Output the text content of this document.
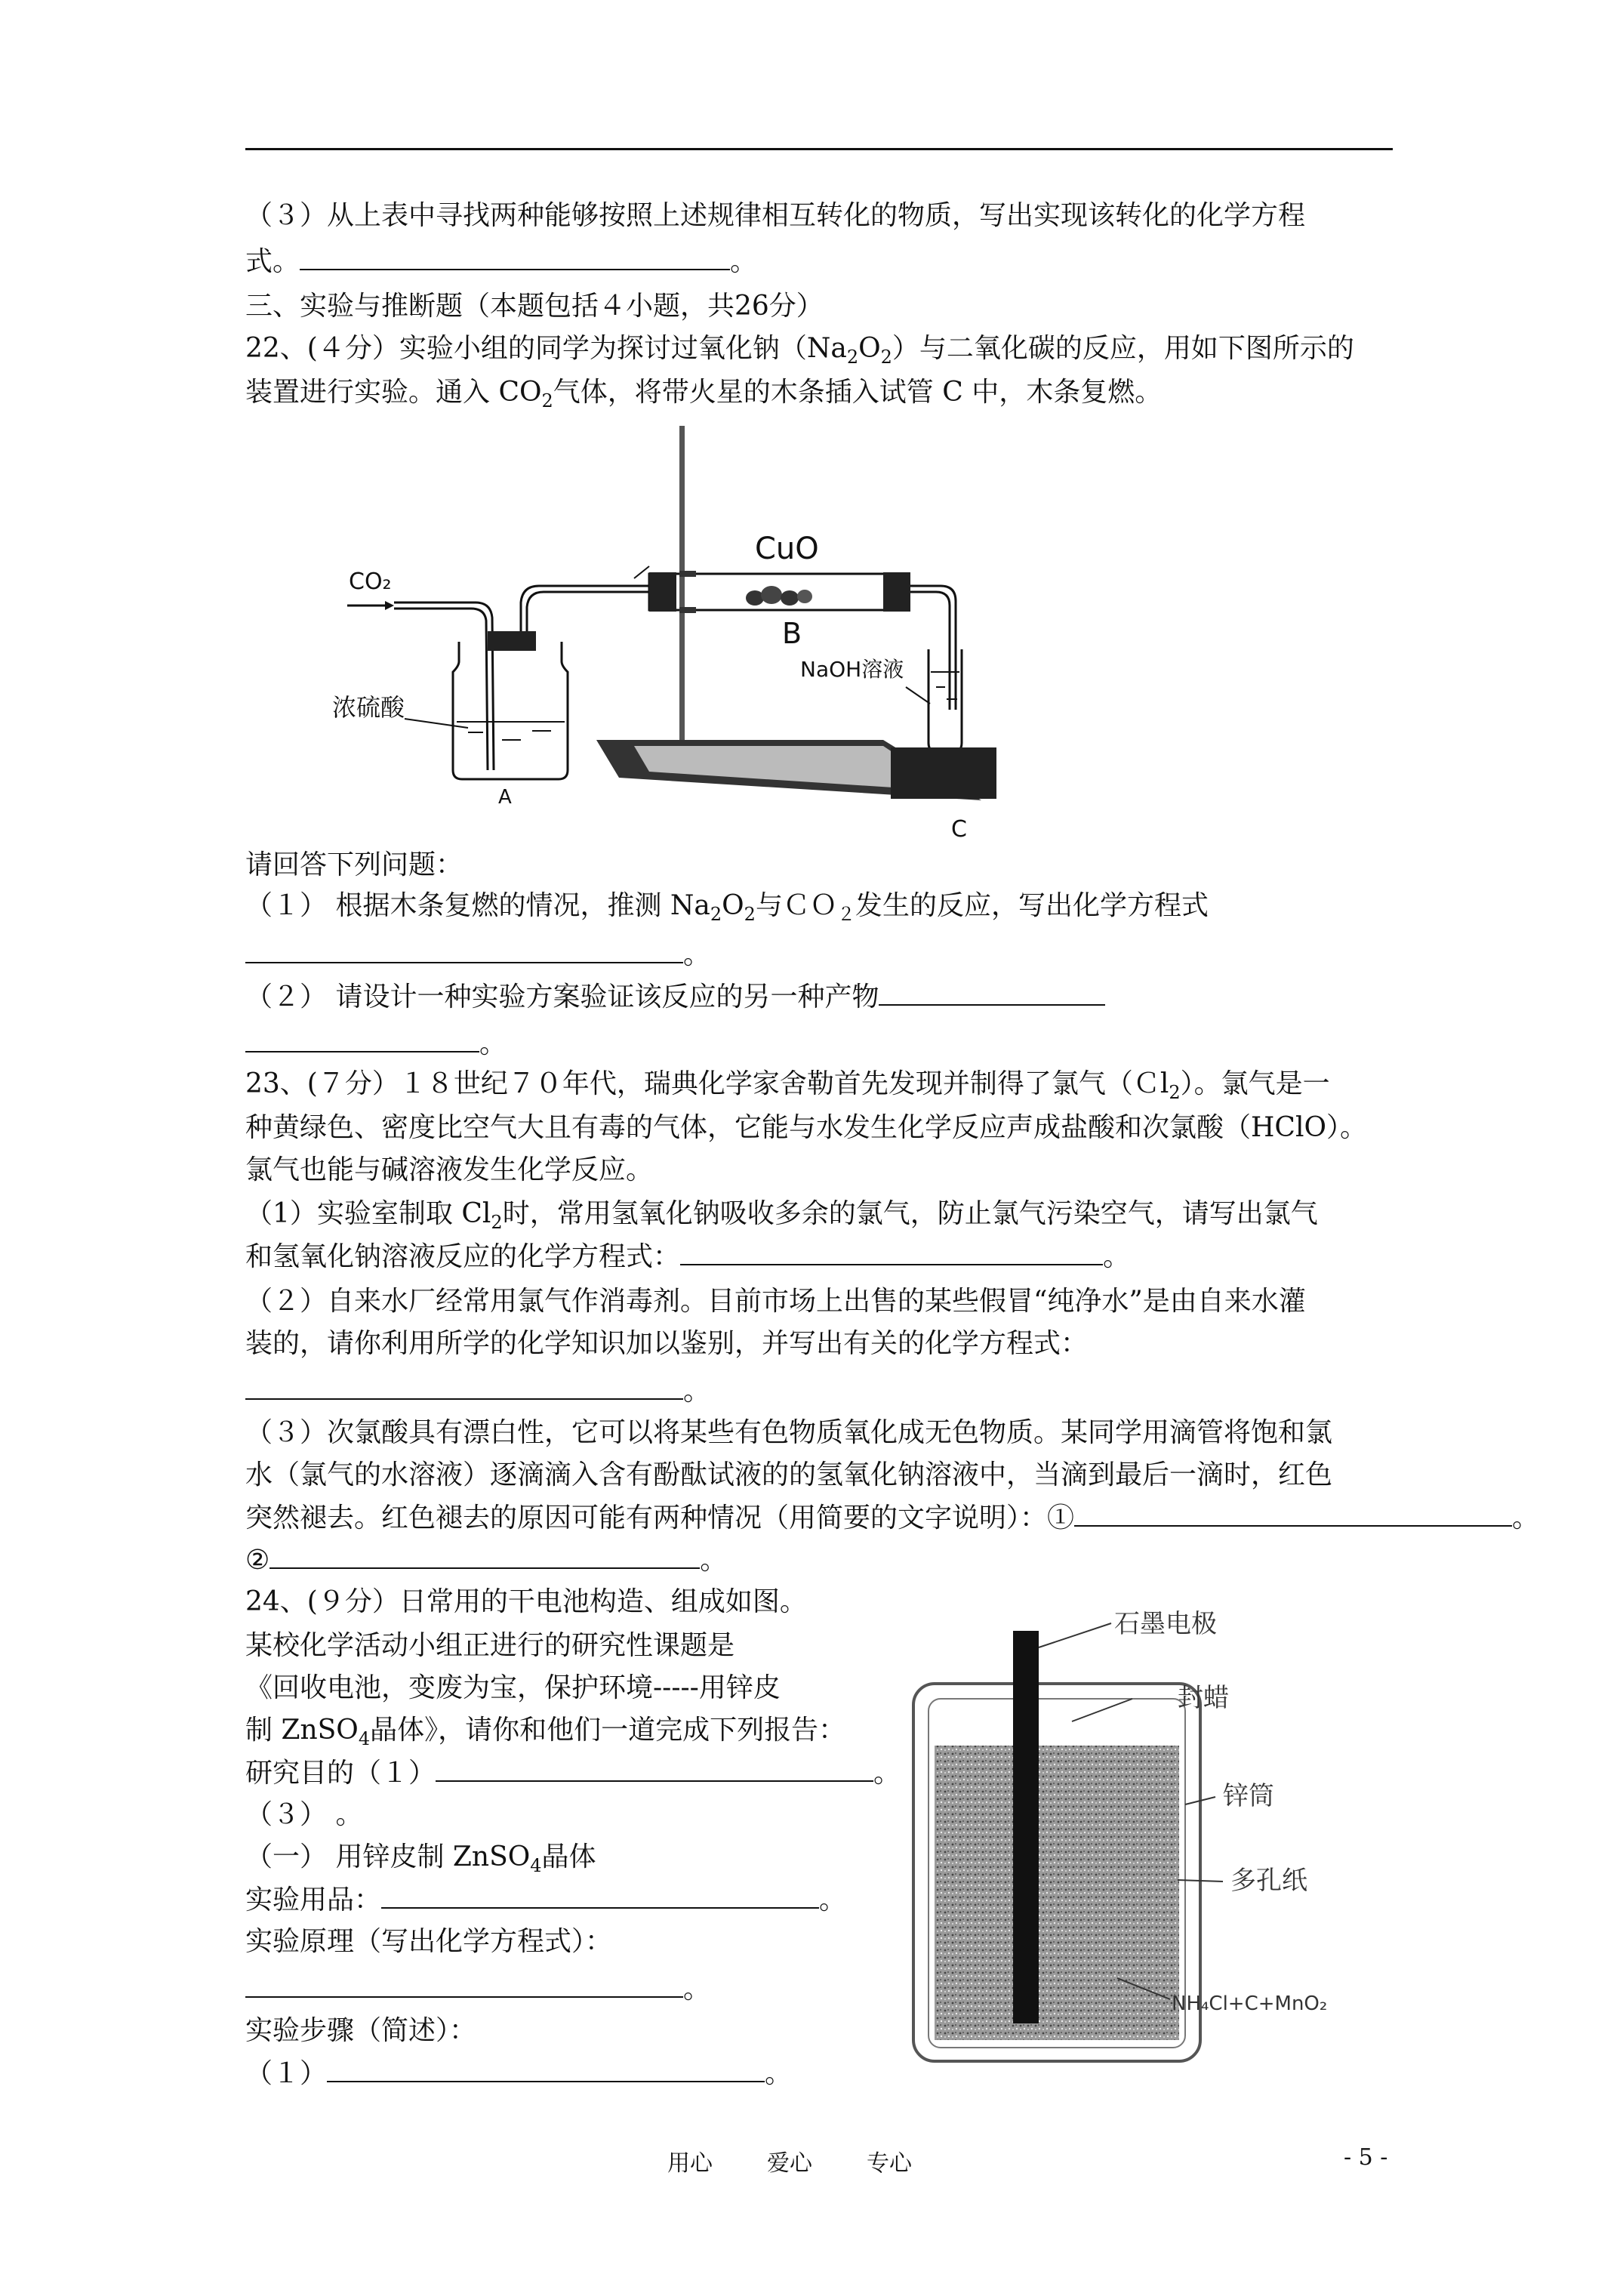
（３）从上表中寻找两种能够按照上述规律相互转化的物质，写出实现该转化的化学方程
式。	。
三、实验与推断题（本题包括４小题，共26分）
22、(４分）实验小组的同学为探讨过氧化钠$(Na_2O_2)$与二氧化碳的反应，用如下图所示的
装置进行实验。通入 $CO_2$气体，将带火星的木条插入试管 C 中，木条复燃。
CO₂
CuO
B
NaOH溶液
浓硫酸
A
C
请回答下列问题：
（１） 根据木条复燃的情况，推测 $Na_2O_2$与ＣＯ$_2$发生的反应，写出化学方程式
。
（２） 请设计一种实验方案验证该反应的另一种产物
。
23、(７分）１８世纪７０年代，瑞典化学家舍勒首先发现并制得了氯气（Ｃl$_2$）。氯气是一
种黄绿色、密度比空气大且有毒的气体，它能与水发生化学反应声成盐酸和次氯酸（HClO）。
氯气也能与碱溶液发生化学反应。
（1）实验室制取 $Cl_2$时，常用氢氧化钠吸收多余的氯气，防止氯气污染空气，请写出氯气
和氢氧化钠溶液反应的化学方程式：	。
（２）自来水厂经常用氯气作消毒剂。目前市场上出售的某些假冒“纯净水”是由自来水灌
装的，请你利用所学的化学知识加以鉴别，并写出有关的化学方程式：
。
（３）次氯酸具有漂白性，它可以将某些有色物质氧化成无色物质。某同学用滴管将饱和氯
水（氯气的水溶液）逐滴滴入含有酚酞试液的的氢氧化钠溶液中，当滴到最后一滴时，红色
突然褪去。红色褪去的原因可能有两种情况（用简要的文字说明）：①	。
②	。
24、(９分）日常用的干电池构造、组成如图。
某校化学活动小组正进行的研究性课题是
《回收电池，变废为宝，保护环境-----用锌皮
制 ZnSO$_4$晶体》，请你和他们一道完成下列报告：
研究目的（１）	。
（３） 。
（一） 用锌皮制 ZnSO$_4$晶体
实验用品：	。
实验原理（写出化学方程式）：
。
实验步骤（简述）：
（１）	。
石墨电极
封蜡
锌筒
多孔纸
NH₄Cl+C+MnO₂
用心 爱心 专心	- 5 -
